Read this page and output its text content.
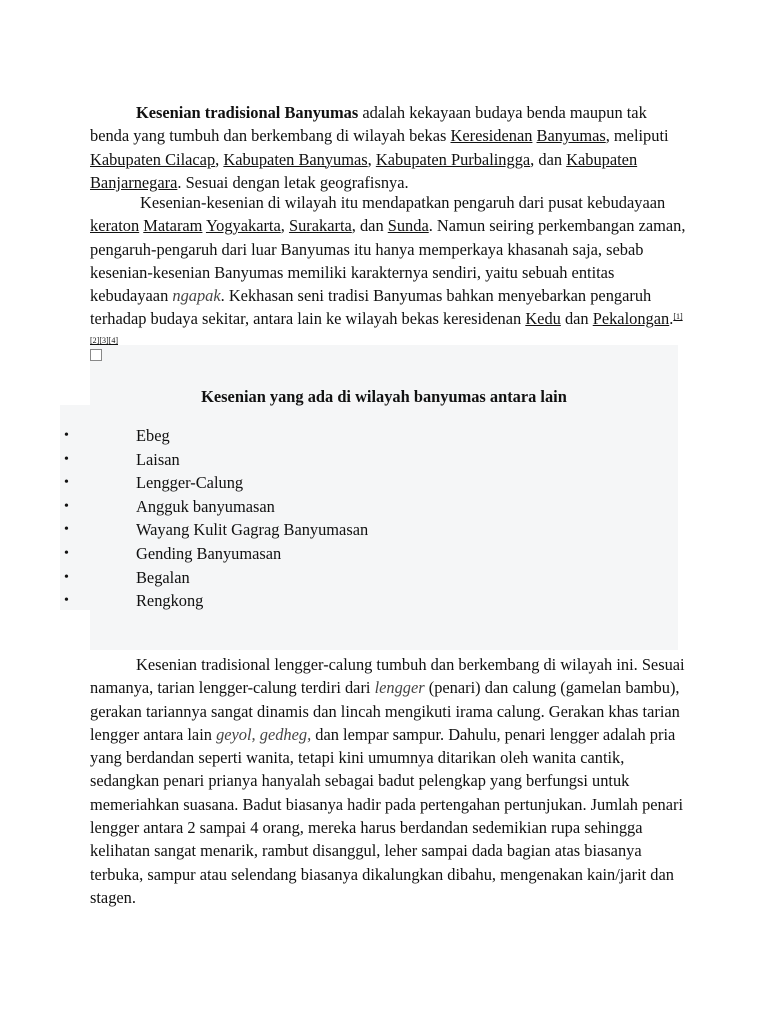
Kesenian tradisional Banyumas adalah kekayaan budaya benda maupun tak benda yang tumbuh dan berkembang di wilayah bekas Keresidenan Banyumas, meliputi Kabupaten Cilacap, Kabupaten Banyumas, Kabupaten Purbalingga, dan Kabupaten Banjarnegara. Sesuai dengan letak geografisnya.

Kesenian-kesenian di wilayah itu mendapatkan pengaruh dari pusat kebudayaan keraton Mataram Yogyakarta, Surakarta, dan Sunda. Namun seiring perkembangan zaman, pengaruh-pengaruh dari luar Banyumas itu hanya memperkaya khasanah saja, sebab kesenian-kesenian Banyumas memiliki karakternya sendiri, yaitu sebuah entitas kebudayaan ngapak. Kekhasan seni tradisi Banyumas bahkan menyebarkan pengaruh terhadap budaya sekitar, antara lain ke wilayah bekas keresidenan Kedu dan Pekalongan.[1][2][3][4]

Kesenian yang ada di wilayah banyumas antara lain

•	Ebeg
•	Laisan
•	Lengger-Calung
•	Angguk banyumasan
•	Wayang Kulit Gagrag Banyumasan
•	Gending Banyumasan
•	Begalan
•	Rengkong

Kesenian tradisional lengger-calung tumbuh dan berkembang di wilayah ini. Sesuai namanya, tarian lengger-calung terdiri dari lengger (penari) dan calung (gamelan bambu), gerakan tariannya sangat dinamis dan lincah mengikuti irama calung. Gerakan khas tarian lengger antara lain geyol, gedheg, dan lempar sampur. Dahulu, penari lengger adalah pria yang berdandan seperti wanita, tetapi kini umumnya ditarikan oleh wanita cantik, sedangkan penari prianya hanyalah sebagai badut pelengkap yang berfungsi untuk memeriahkan suasana. Badut biasanya hadir pada pertengahan pertunjukan. Jumlah penari lengger antara 2 sampai 4 orang, mereka harus berdandan sedemikian rupa sehingga kelihatan sangat menarik, rambut disanggul, leher sampai dada bagian atas biasanya terbuka, sampur atau selendang biasanya dikalungkan dibahu, mengenakan kain/jarit dan stagen.
